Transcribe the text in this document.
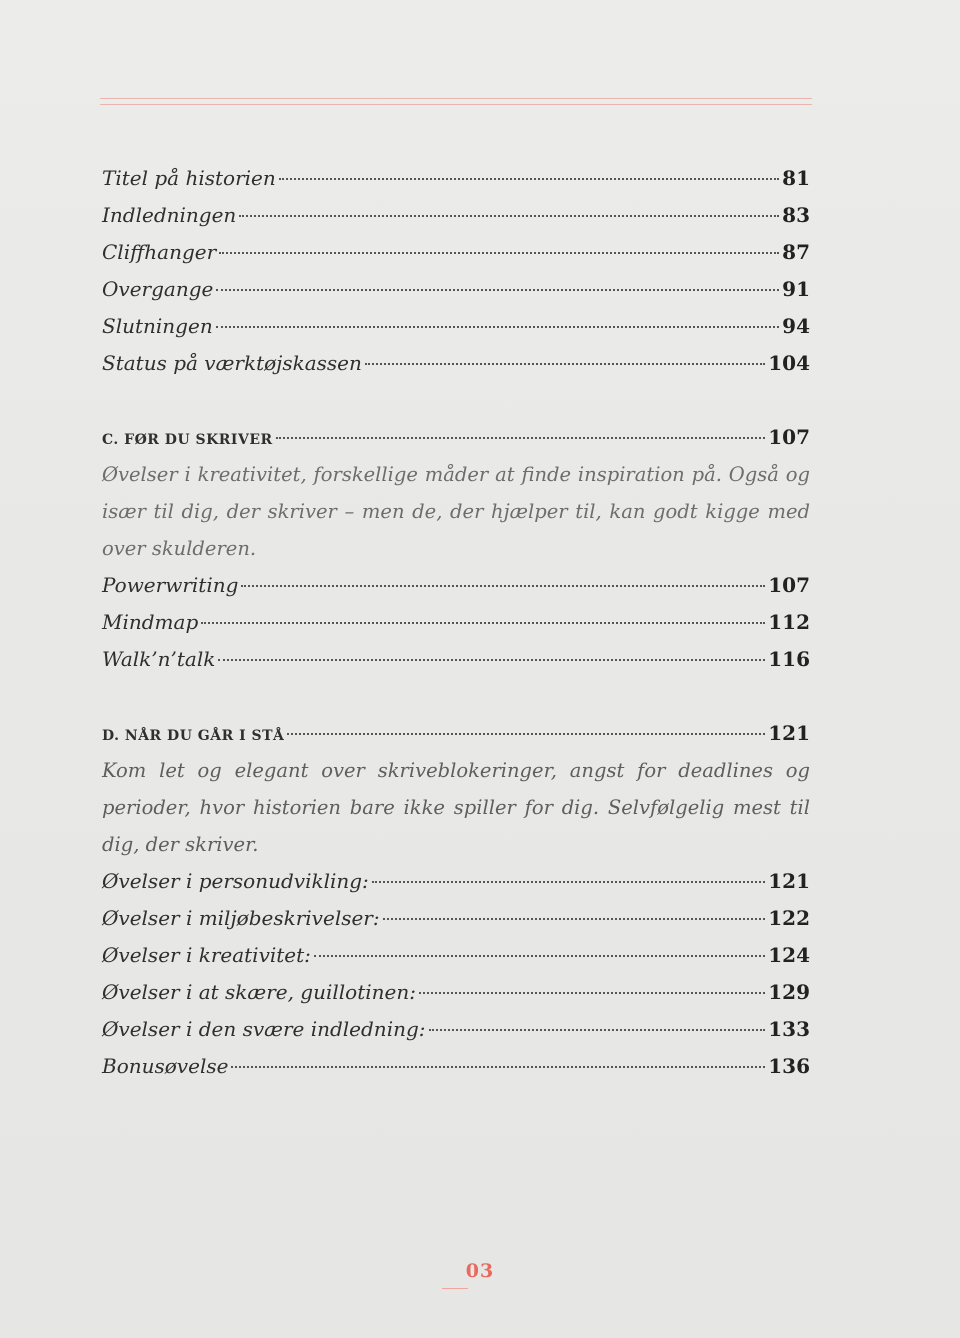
Titel på historien	81
Indledningen	83
Cliffhanger	87
Overgange	91
Slutningen	94
Status på værktøjskassen	104
C. FØR DU SKRIVER	107

Øvelser i kreativitet, forskellige måder at finde inspiration på. Også og især til dig, der skriver – men de, der hjælper til, kan godt kigge med over skulderen.

Powerwriting	107
Mindmap	112
Walk’n’talk	116
D. NÅR DU GÅR I STÅ	121

Kom let og elegant over skriveblokeringer, angst for deadlines og perioder, hvor historien bare ikke spiller for dig. Selvfølgelig mest til dig, der skriver.

Øvelser i personudvikling:	121
Øvelser i miljøbeskrivelser:	122
Øvelser i kreativitet:	124
Øvelser i at skære, guillotinen:	129
Øvelser i den svære indledning:	133
Bonusøvelse	136
03
